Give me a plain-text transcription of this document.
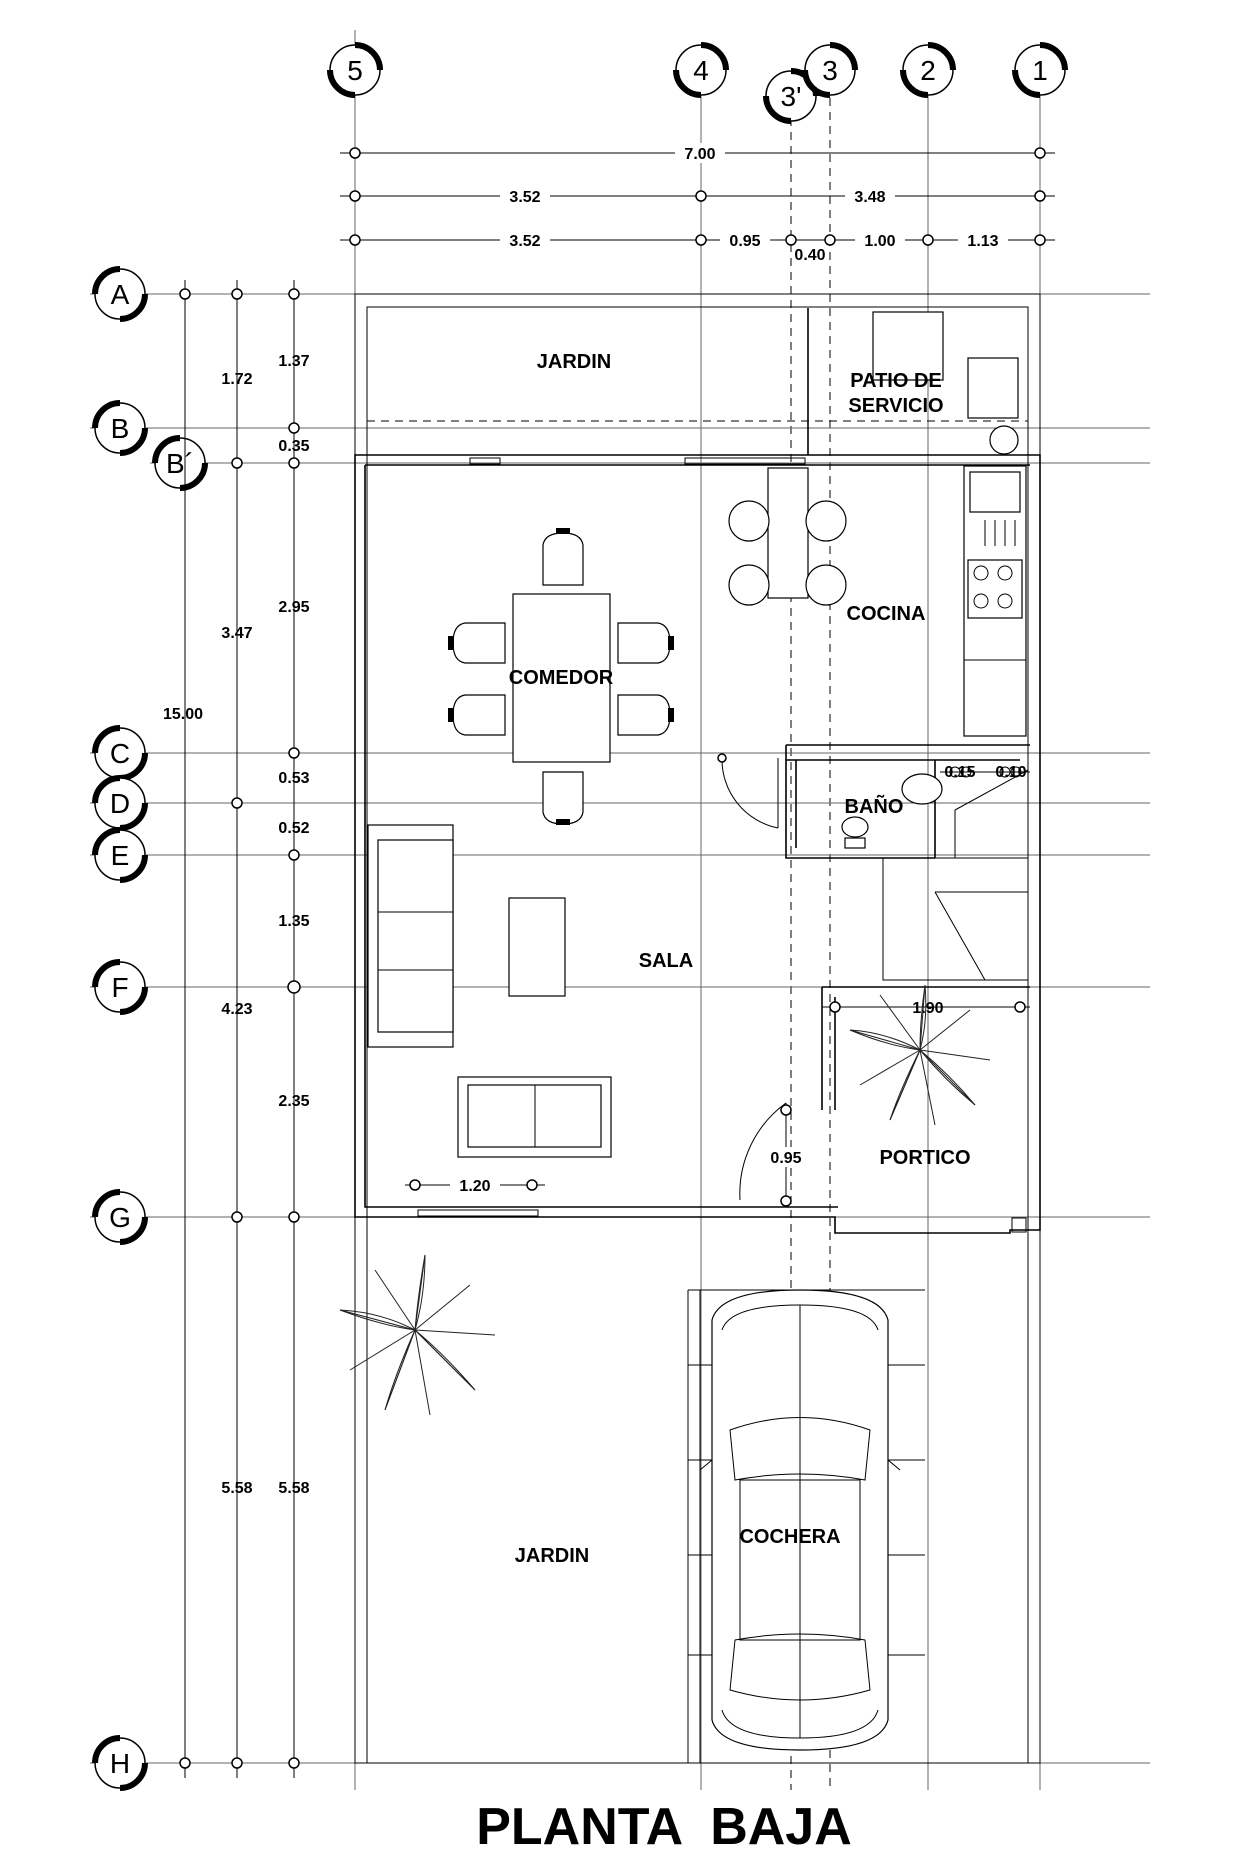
5	4
3'
3	2	1
A
B
B´
C
D
E
F
G
H
7.00
3.52	3.48
3.52	0.95
0.40
1.00	1.13
15.00
1.72
3.47
4.23
5.58
1.37
0.35
2.95
0.53
0.52
1.35
2.35
5.58
0.15 0.10
0.95
1.20
1.90
JARDIN
PATIO DE
SERVICIO
COCINA
COMEDOR
BAÑO
SALA
PORTICO
COCHERA
JARDIN
PLANTA  BAJA
